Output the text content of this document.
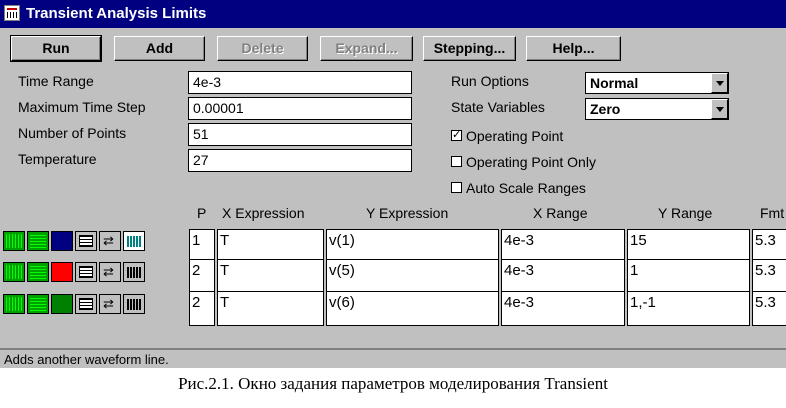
Transient Analysis Limits
Run	Add	Delete	Expand...	Stepping...	Help...
Time Range	4e-3
Maximum Time Step	0.00001
Number of Points	51
Temperature	27
Run Options	Normal
State Variables	Zero
✓ Operating Point
Operating Point Only
Auto Scale Ranges
P X Expression	Y Expression	X Range	Y Range	Fmt
⇄
1	T	v(1)	4e-3	15	5.3
⇄
2	T	v(5)	4e-3	1	5.3
⇄
2	T	v(6)	4e-3	1,-1	5.3
Adds another waveform line.
Рис.2.1. Окно задания параметров моделирования Transient
